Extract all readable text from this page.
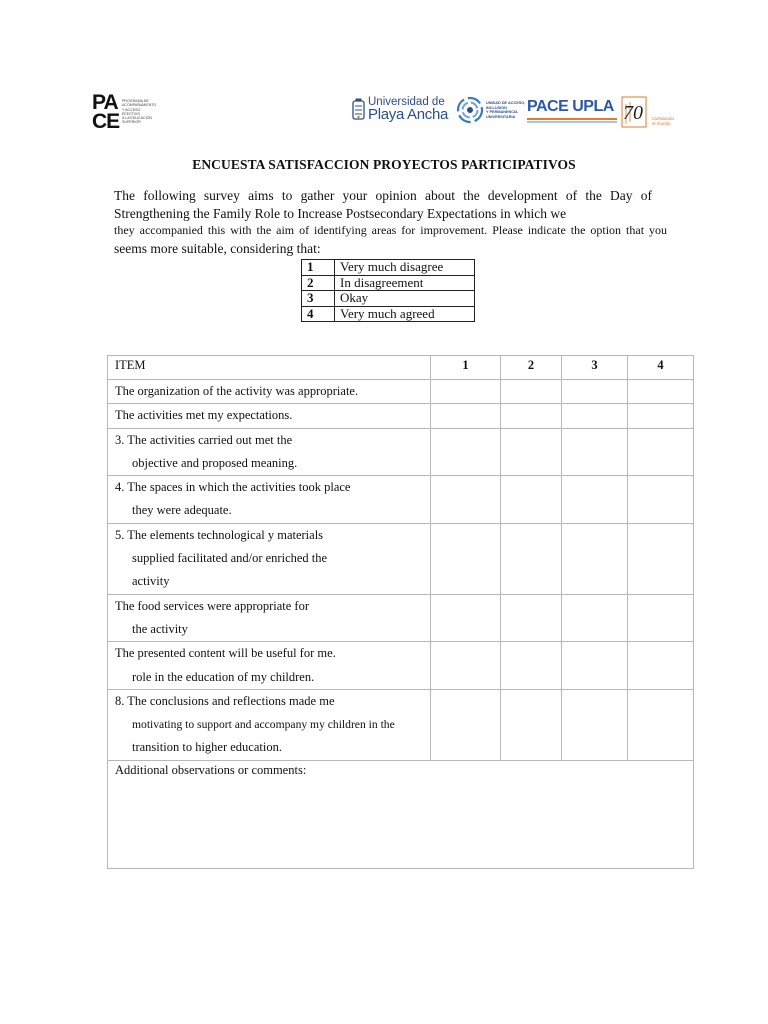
PA
CE
PROGRAMA DE
ACOMPAÑAMIENTO
Y ACCESO EFECTIVO
A LA EDUCACIÓN
SUPERIOR
Universidad de
Playa Ancha
UNIDAD DE ACCESO,
INCLUSIÓN
Y PERMANENCIA
UNIVERSITARIA
PACE UPLA 70 cambiando
el mundo
ENCUESTA SATISFACCION PROYECTOS PARTICIPATIVOS
The following survey aims to gather your opinion about the development of the Day of
Strengthening the Family Role to Increase Postsecondary Expectations in which we
they accompanied this with the aim of identifying areas for improvement. Please indicate the option that you
seems more suitable, considering that:
1	Very much disagree
2	In disagreement
3	Okay
4	Very much agreed
ITEM	1	2	3	4

The organization of the activity was appropriate.				

The activities met my expectations.				

3. The activities carried out met the
objective and proposed meaning.				

4. The spaces in which the activities took place
they were adequate.				

5. The elements technological y materials
supplied facilitated and/or enriched the
activity				

The food services were appropriate for
the activity				

The presented content will be useful for me.
role in the education of my children.				

8. The conclusions and reflections made me
motivating to support and accompany my children in the
transition to higher education.				

Additional observations or comments:				
